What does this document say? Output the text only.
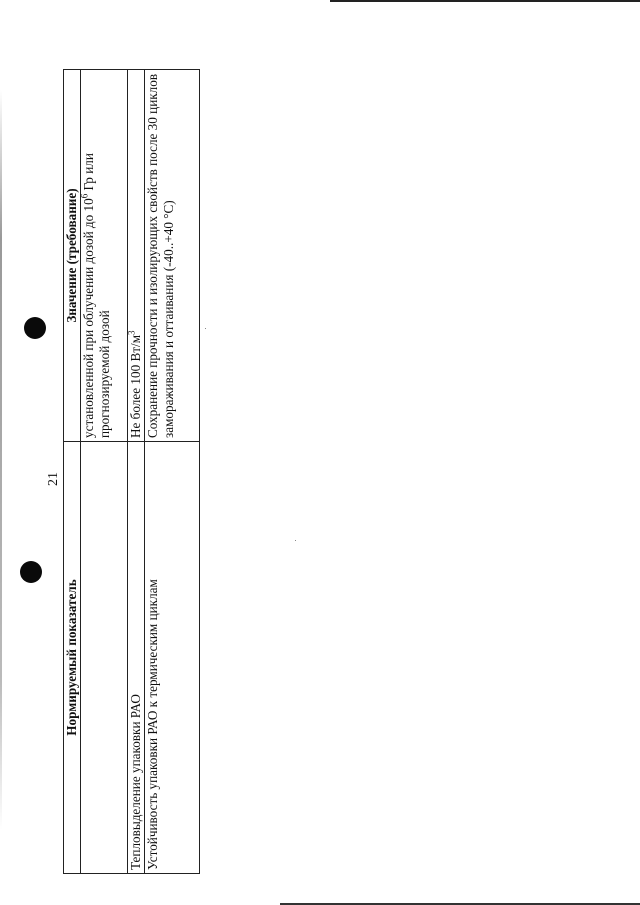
21
Нормируемый показатель	Значение (требование)
	установленной при облучении дозой до $10^6$ Гр или прогнозируемой дозой
Тепловыделение упаковки РАО	Не более 100 $Вт/м^3$
Устойчивость упаковки РАО к термическим циклам	Сохранение прочности и изолирующих свойств после 30 циклов замораживания и оттаивания (-40..+40 °С)
